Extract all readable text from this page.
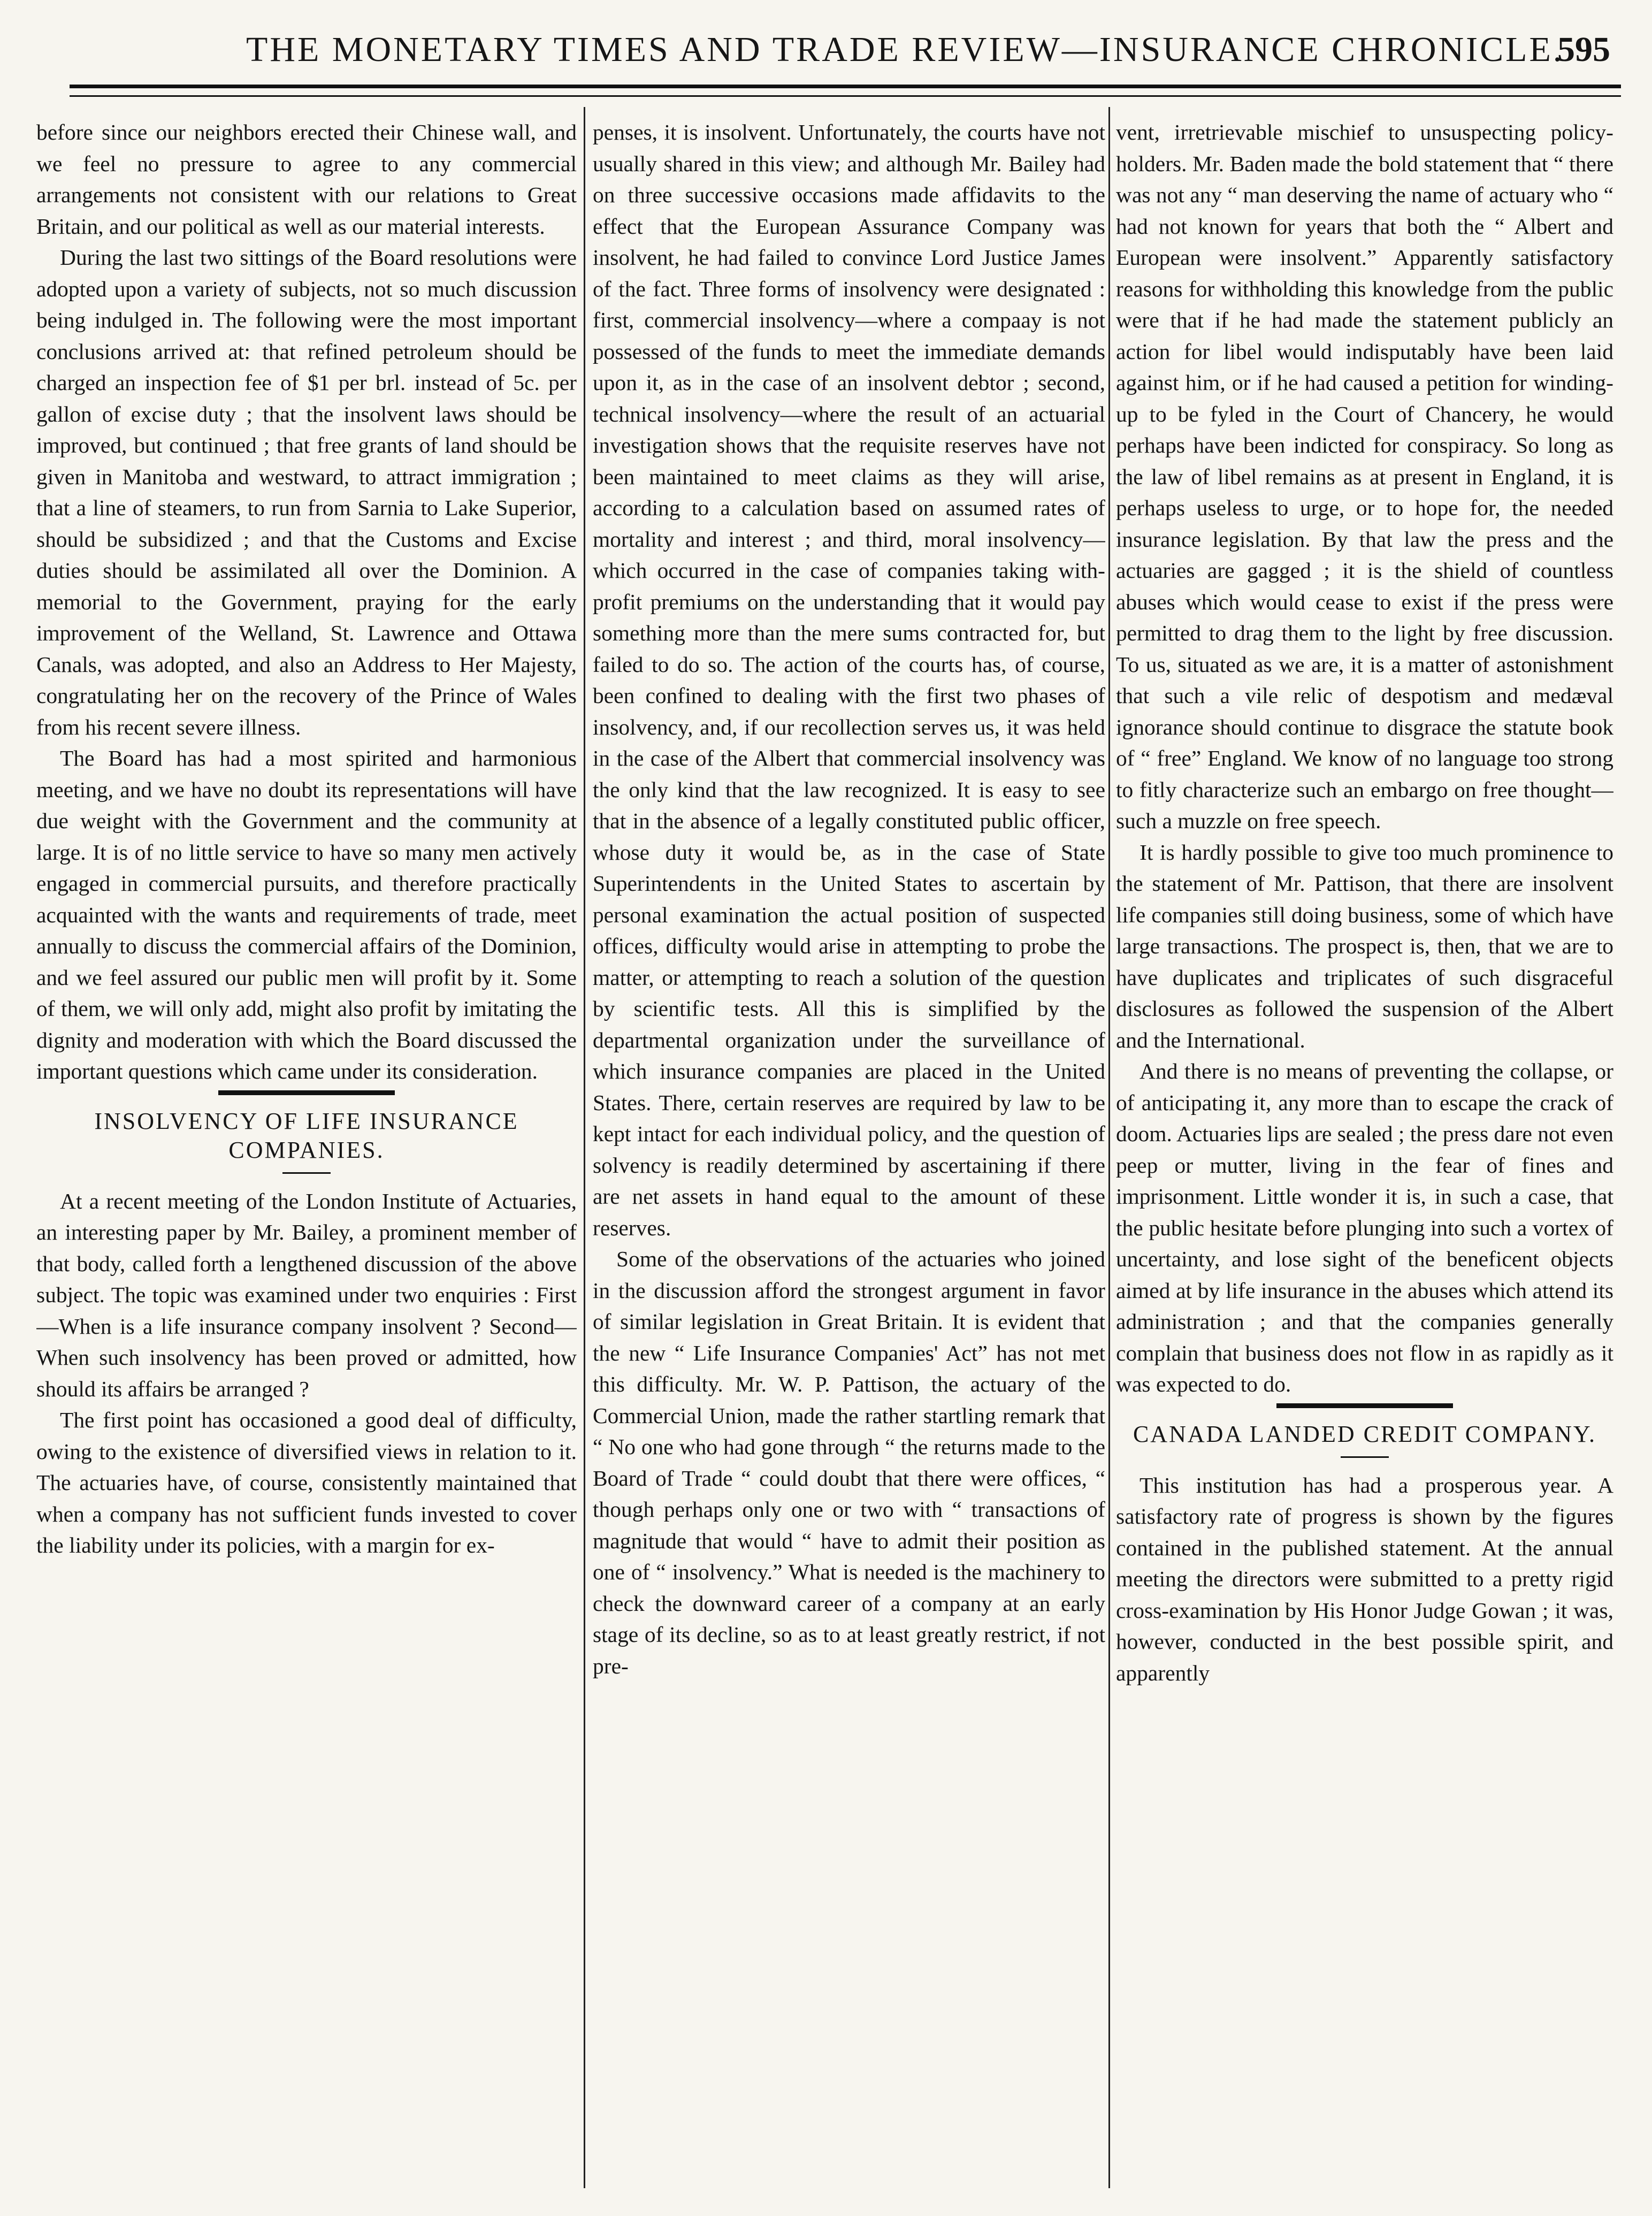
THE MONETARY TIMES AND TRADE REVIEW—INSURANCE CHRONICLE.
595

before since our neighbors erected their Chinese wall, and we feel no pressure to agree to any commercial arrangements not consistent with our relations to Great Britain, and our political as well as our material interests.

During the last two sittings of the Board resolutions were adopted upon a variety of subjects, not so much discussion being indulged in. The following were the most important conclusions arrived at: that refined petroleum should be charged an inspection fee of $1 per brl. instead of 5c. per gallon of excise duty ; that the insolvent laws should be improved, but continued ; that free grants of land should be given in Manitoba and westward, to attract immigration ; that a line of steamers, to run from Sarnia to Lake Superior, should be subsidized ; and that the Customs and Excise duties should be assimilated all over the Dominion. A memorial to the Government, praying for the early improvement of the Welland, St. Lawrence and Ottawa Canals, was adopted, and also an Address to Her Majesty, congratulating her on the recovery of the Prince of Wales from his recent severe illness.

The Board has had a most spirited and harmonious meeting, and we have no doubt its representations will have due weight with the Government and the community at large. It is of no little service to have so many men actively engaged in commercial pursuits, and therefore practically acquainted with the wants and requirements of trade, meet annually to discuss the commercial affairs of the Dominion, and we feel assured our public men will profit by it. Some of them, we will only add, might also profit by imitating the dignity and moderation with which the Board discussed the important questions which came under its consideration.

INSOLVENCY OF LIFE INSURANCE COMPANIES.

At a recent meeting of the London Institute of Actuaries, an interesting paper by Mr. Bailey, a prominent member of that body, called forth a lengthened discussion of the above subject. The topic was examined under two enquiries : First—When is a life insurance company insolvent ? Second—When such insolvency has been proved or admitted, how should its affairs be arranged ?

The first point has occasioned a good deal of difficulty, owing to the existence of diversified views in relation to it. The actuaries have, of course, consistently maintained that when a company has not sufficient funds invested to cover the liability under its policies, with a margin for ex-

penses, it is insolvent. Unfortunately, the courts have not usually shared in this view; and although Mr. Bailey had on three successive occasions made affidavits to the effect that the European Assurance Company was insolvent, he had failed to convince Lord Justice James of the fact. Three forms of insolvency were designated : first, commercial insolvency—where a compaay is not possessed of the funds to meet the immediate demands upon it, as in the case of an insolvent debtor ; second, technical insolvency—where the result of an actuarial investigation shows that the requisite reserves have not been maintained to meet claims as they will arise, according to a calculation based on assumed rates of mortality and interest ; and third, moral insolvency—which occurred in the case of companies taking with-profit premiums on the understanding that it would pay something more than the mere sums contracted for, but failed to do so. The action of the courts has, of course, been confined to dealing with the first two phases of insolvency, and, if our recollection serves us, it was held in the case of the Albert that commercial insolvency was the only kind that the law recognized. It is easy to see that in the absence of a legally constituted public officer, whose duty it would be, as in the case of State Superintendents in the United States to ascertain by personal examination the actual position of suspected offices, difficulty would arise in attempting to probe the matter, or attempting to reach a solution of the question by scientific tests. All this is simplified by the departmental organization under the surveillance of which insurance companies are placed in the United States. There, certain reserves are required by law to be kept intact for each individual policy, and the question of solvency is readily determined by ascertaining if there are net assets in hand equal to the amount of these reserves.

Some of the observations of the actuaries who joined in the discussion afford the strongest argument in favor of similar legislation in Great Britain. It is evident that the new “ Life Insurance Companies' Act” has not met this difficulty. Mr. W. P. Pattison, the actuary of the Commercial Union, made the rather startling remark that “ No one who had gone through “ the returns made to the Board of Trade “ could doubt that there were offices, “ though perhaps only one or two with “ transactions of magnitude that would “ have to admit their position as one of “ insolvency.” What is needed is the machinery to check the downward career of a company at an early stage of its decline, so as to at least greatly restrict, if not pre-

vent, irretrievable mischief to unsuspecting policy-holders. Mr. Baden made the bold statement that “ there was not any “ man deserving the name of actuary who “ had not known for years that both the “ Albert and European were insolvent.” Apparently satisfactory reasons for withholding this knowledge from the public were that if he had made the statement publicly an action for libel would indisputably have been laid against him, or if he had caused a petition for winding-up to be fyled in the Court of Chancery, he would perhaps have been indicted for conspiracy. So long as the law of libel remains as at present in England, it is perhaps useless to urge, or to hope for, the needed insurance legislation. By that law the press and the actuaries are gagged ; it is the shield of countless abuses which would cease to exist if the press were permitted to drag them to the light by free discussion. To us, situated as we are, it is a matter of astonishment that such a vile relic of despotism and medæval ignorance should continue to disgrace the statute book of “ free” England. We know of no language too strong to fitly characterize such an embargo on free thought—such a muzzle on free speech.

It is hardly possible to give too much prominence to the statement of Mr. Pattison, that there are insolvent life companies still doing business, some of which have large transactions. The prospect is, then, that we are to have duplicates and triplicates of such disgraceful disclosures as followed the suspension of the Albert and the International.

And there is no means of preventing the collapse, or of anticipating it, any more than to escape the crack of doom. Actuaries lips are sealed ; the press dare not even peep or mutter, living in the fear of fines and imprisonment. Little wonder it is, in such a case, that the public hesitate before plunging into such a vortex of uncertainty, and lose sight of the beneficent objects aimed at by life insurance in the abuses which attend its administration ; and that the companies generally complain that business does not flow in as rapidly as it was expected to do.

CANADA LANDED CREDIT COMPANY.

This institution has had a prosperous year. A satisfactory rate of progress is shown by the figures contained in the published statement. At the annual meeting the directors were submitted to a pretty rigid cross-examination by His Honor Judge Gowan ; it was, however, conducted in the best possible spirit, and apparently
